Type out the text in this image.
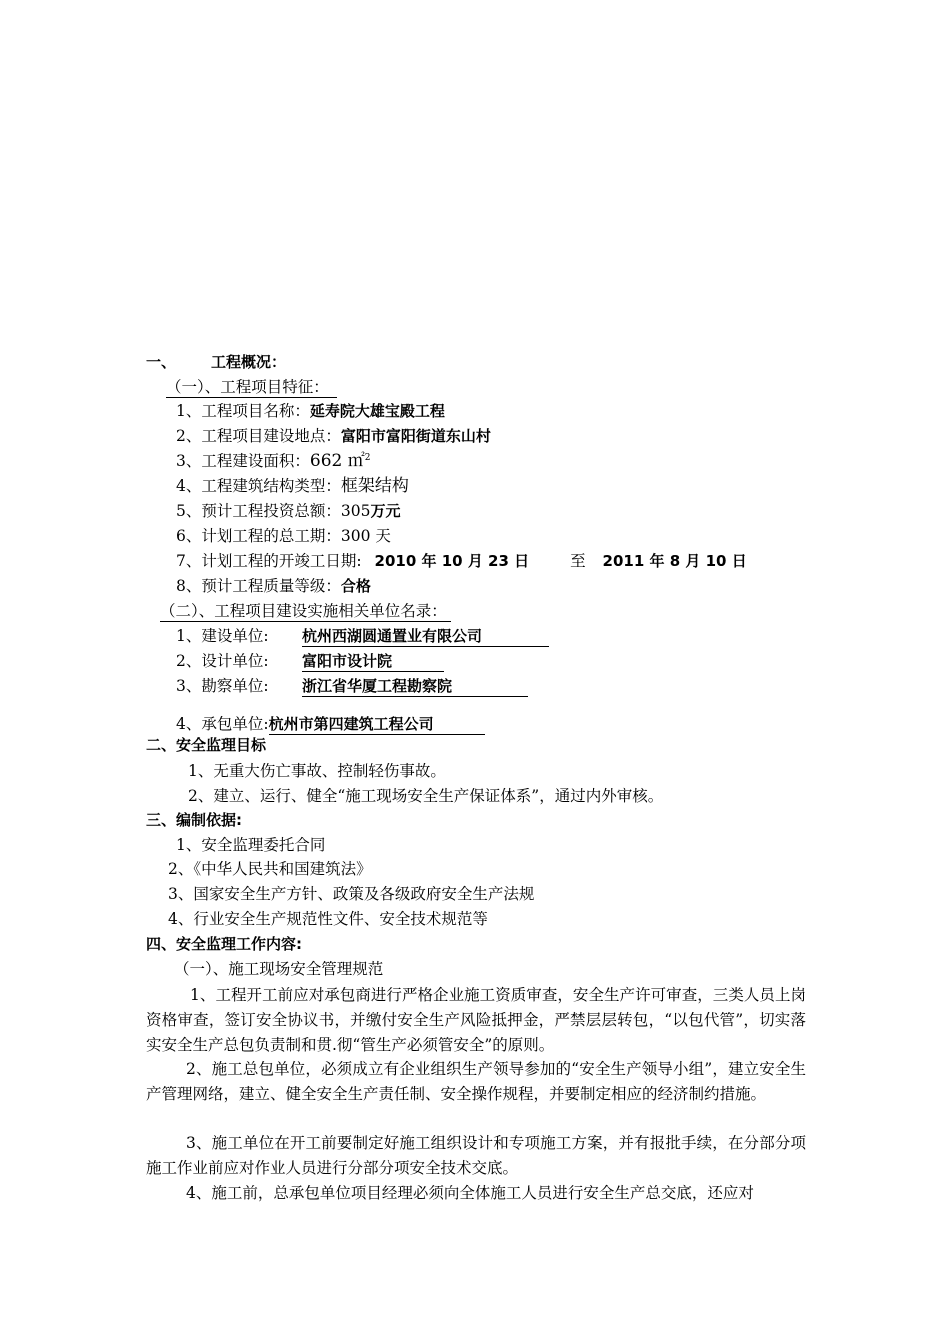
一、 工程概况：
（一）、工程项目特征：
1、工程项目名称：延寿院大雄宝殿工程
2、工程项目建设地点：富阳市富阳街道东山村
3、工程建设面积：662 ㎡$^2$
4、工程建筑结构类型：框架结构
5、预计工程投资总额：305万元
6、计划工程的总工期：300 天
7、计划工程的开竣工日期: 2010 年 10 月 23 日	至 2011 年 8 月 10 日
8、预计工程质量等级：合格
（二）、工程项目建设实施相关单位名录：
1、建设单位: 杭州西湖圆通置业有限公司
2、设计单位: 富阳市设计院
3、勘察单位: 浙江省华厦工程勘察院
4、承包单位:杭州市第四建筑工程公司
二、安全监理目标
1、无重大伤亡事故、控制轻伤事故。
2、建立、运行、健全“施工现场安全生产保证体系”，通过内外审核。
三、编制依据:
1、安全监理委托合同
2、《中华人民共和国建筑法》
3、国家安全生产方针、政策及各级政府安全生产法规
4、行业安全生产规范性文件、安全技术规范等
四、安全监理工作内容:
（一）、施工现场安全管理规范
1、工程开工前应对承包商进行严格企业施工资质审查，安全生产许可审查，三类人员上岗资格审查，签订安全协议书，并缴付安全生产风险抵押金，严禁层层转包，“以包代管”，切实落实安全生产总包负责制和贯.彻“管生产必须管安全”的原则。
2、施工总包单位，必须成立有企业组织生产领导参加的“安全生产领导小组”，建立安全生产管理网络，建立、健全安全生产责任制、安全操作规程，并要制定相应的经济制约措施。
3、施工单位在开工前要制定好施工组织设计和专项施工方案，并有报批手续，在分部分项施工作业前应对作业人员进行分部分项安全技术交底。
4、施工前，总承包单位项目经理必须向全体施工人员进行安全生产总交底，还应对
